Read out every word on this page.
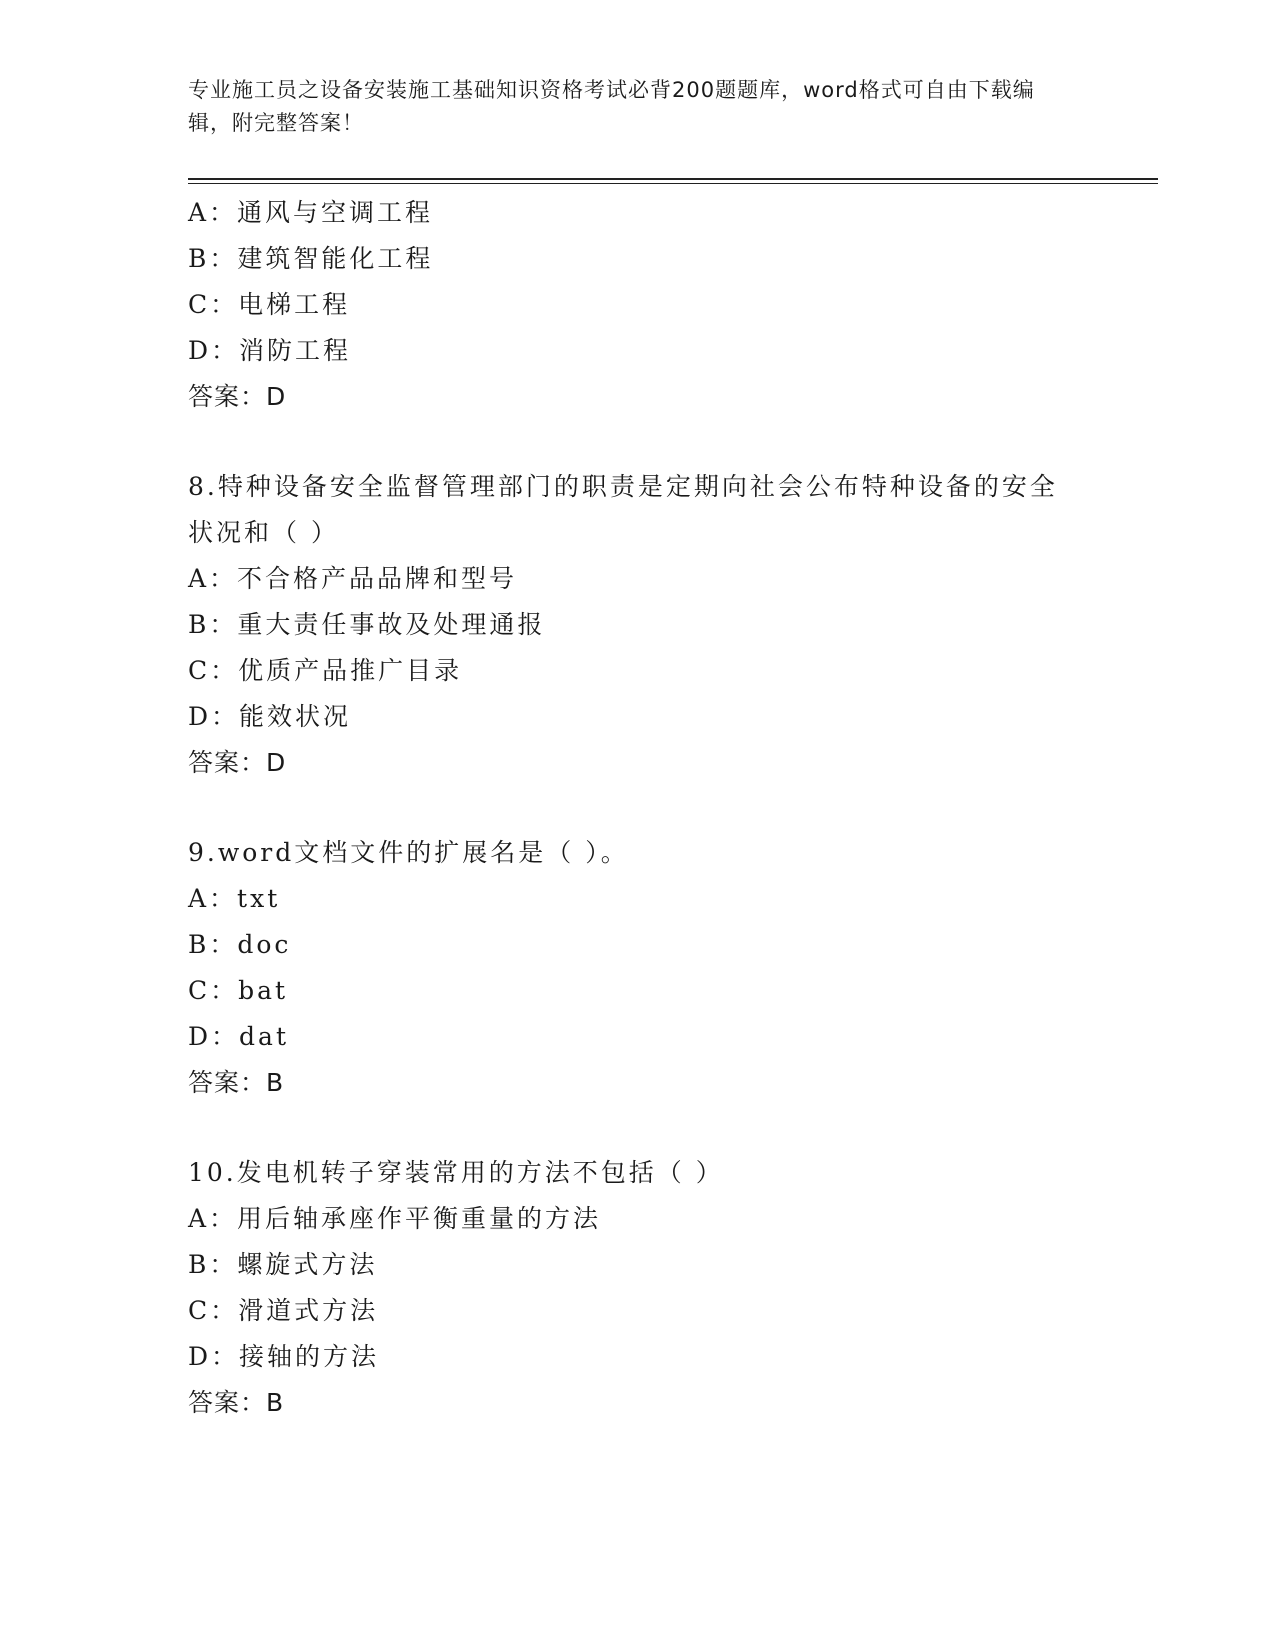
专业施工员之设备安装施工基础知识资格考试必背200题题库，word格式可自由下载编辑，附完整答案！
A：通风与空调工程
B：建筑智能化工程
C：电梯工程
D：消防工程
答案：D
8.特种设备安全监督管理部门的职责是定期向社会公布特种设备的安全状况和（ ）
A：不合格产品品牌和型号
B：重大责任事故及处理通报
C：优质产品推广目录
D：能效状况
答案：D
9.word文档文件的扩展名是（ ）。
A：txt
B：doc
C：bat
D：dat
答案：B
10.发电机转子穿装常用的方法不包括（ ）
A：用后轴承座作平衡重量的方法
B：螺旋式方法
C：滑道式方法
D：接轴的方法
答案：B
